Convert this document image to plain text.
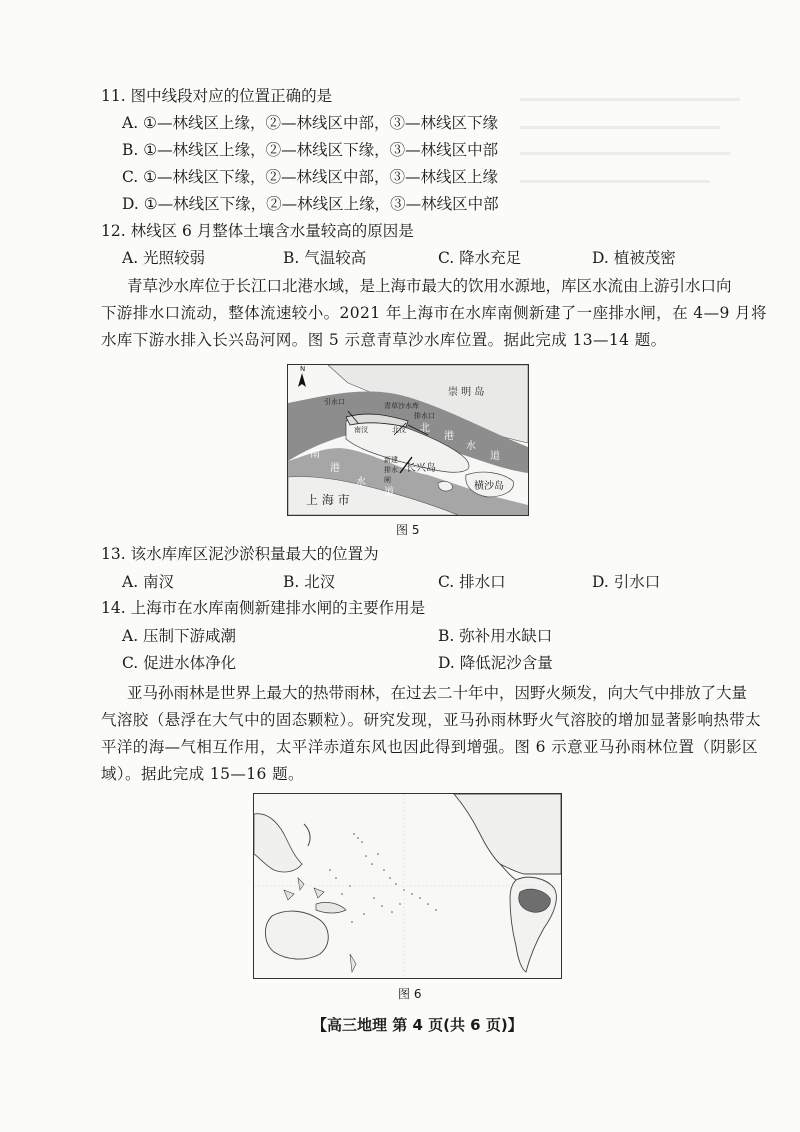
11. 图中线段对应的位置正确的是
A. ①—林线区上缘，②—林线区中部，③—林线区下缘
B. ①—林线区上缘，②—林线区下缘，③—林线区中部
C. ①—林线区下缘，②—林线区中部，③—林线区上缘
D. ①—林线区下缘，②—林线区上缘，③—林线区中部
12. 林线区 6 月整体土壤含水量较高的原因是
A. 光照较弱	B. 气温较高	C. 降水充足	D. 植被茂密
青草沙水库位于长江口北港水域，是上海市最大的饮用水源地，库区水流由上游引水口向
下游排水口流动，整体流速较小。2021 年上海市在水库南侧新建了一座排水闸，在 4—9 月将
水库下游水排入长兴岛河网。图 5 示意青草沙水库位置。据此完成 13—14 题。
N
崇 明 岛
引水口	青草沙水库
排水口
南汊	北汊
新建排水闸
长兴岛
横沙岛
上 海 市
北
港
水
道
南
港
水
道
图 5
13. 该水库库区泥沙淤积量最大的位置为
A. 南汊	B. 北汊	C. 排水口	D. 引水口
14. 上海市在水库南侧新建排水闸的主要作用是
A. 压制下游咸潮	B. 弥补用水缺口
C. 促进水体净化	D. 降低泥沙含量
亚马孙雨林是世界上最大的热带雨林，在过去二十年中，因野火频发，向大气中排放了大量
气溶胶（悬浮在大气中的固态颗粒）。研究发现，亚马孙雨林野火气溶胶的增加显著影响热带太
平洋的海—气相互作用，太平洋赤道东风也因此得到增强。图 6 示意亚马孙雨林位置（阴影区
域）。据此完成 15—16 题。
图 6
【高三地理 第 4 页(共 6 页)】
